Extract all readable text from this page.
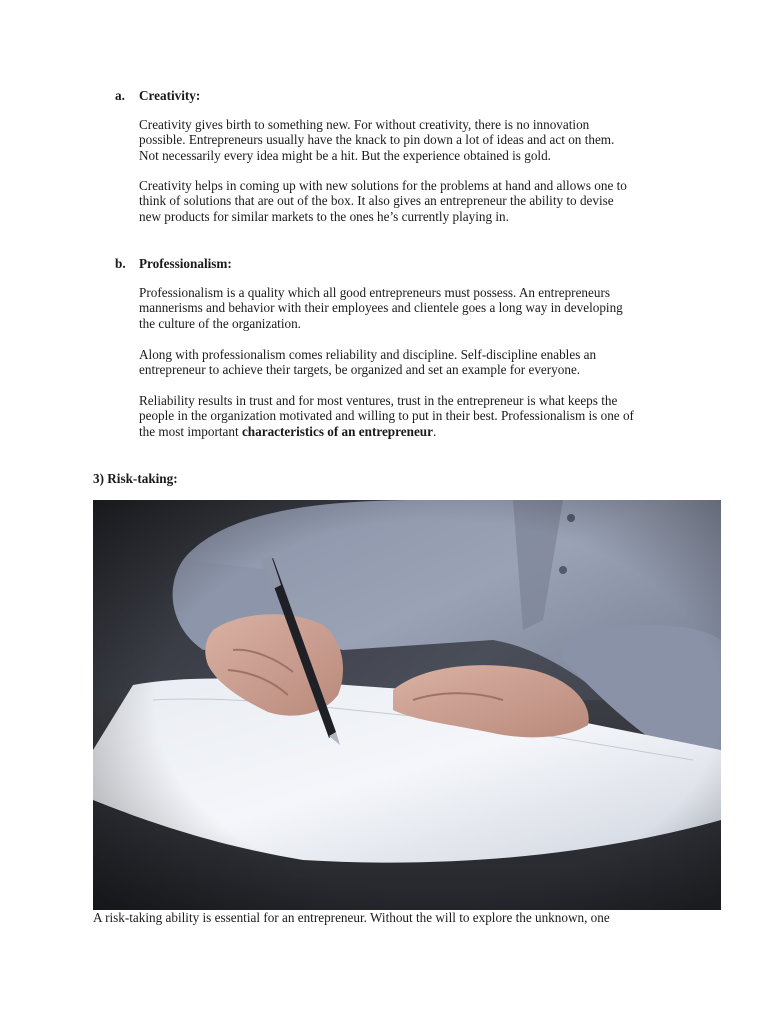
a. Creativity:

Creativity gives birth to something new. For without creativity, there is no innovation
possible. Entrepreneurs usually have the knack to pin down a lot of ideas and act on them.
Not necessarily every idea might be a hit. But the experience obtained is gold.

Creativity helps in coming up with new solutions for the problems at hand and allows one to
think of solutions that are out of the box. It also gives an entrepreneur the ability to devise
new products for similar markets to the ones he’s currently playing in.

b. Professionalism:

Professionalism is a quality which all good entrepreneurs must possess. An entrepreneurs
mannerisms and behavior with their employees and clientele goes a long way in developing
the culture of the organization.

Along with professionalism comes reliability and discipline. Self-discipline enables an
entrepreneur to achieve their targets, be organized and set an example for everyone.

Reliability results in trust and for most ventures, trust in the entrepreneur is what keeps the
people in the organization motivated and willing to put in their best. Professionalism is one of
the most important characteristics of an entrepreneur.

3) Risk-taking:
A risk-taking ability is essential for an entrepreneur. Without the will to explore the unknown, one
